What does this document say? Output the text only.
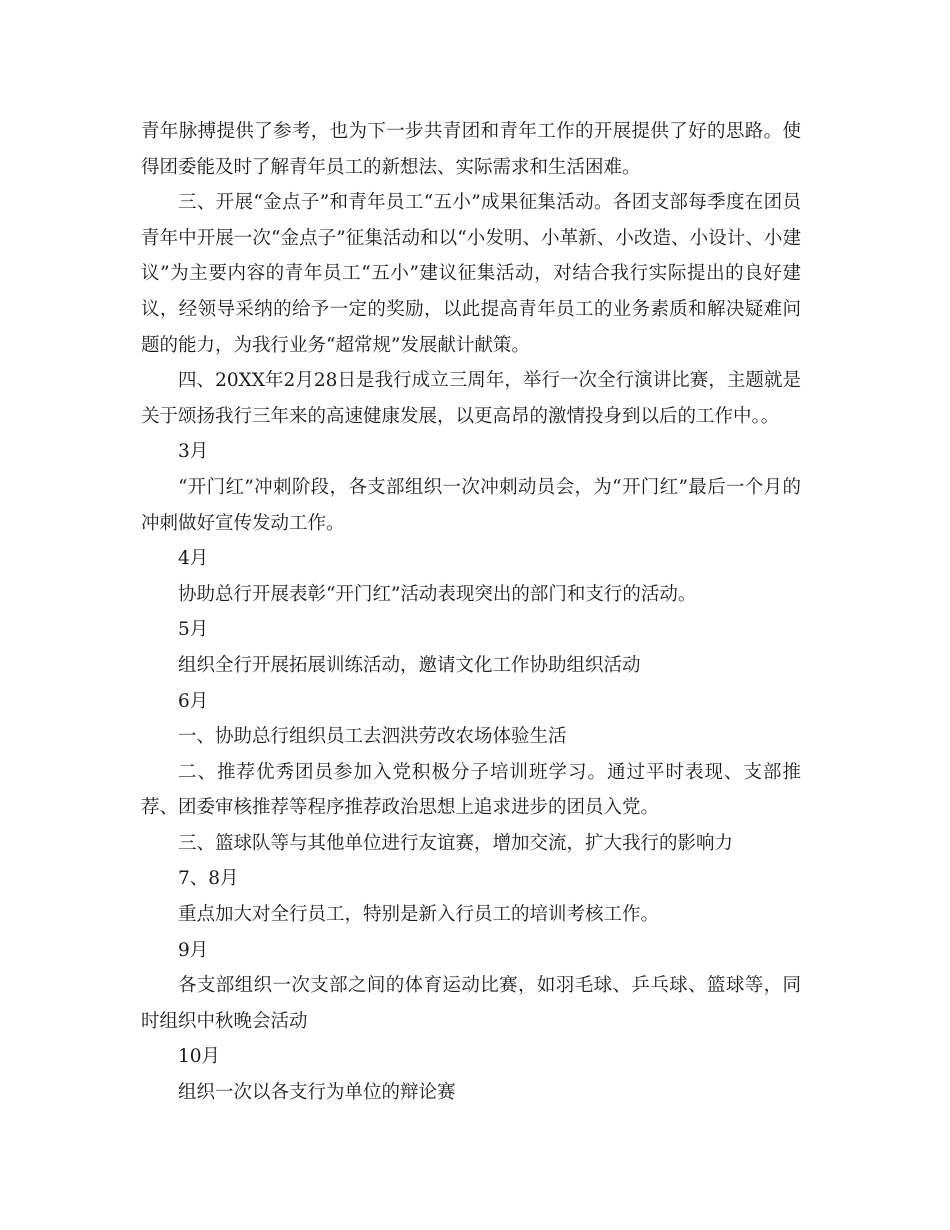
青年脉搏提供了参考，也为下一步共青团和青年工作的开展提供了好的思路。使得团委能及时了解青年员工的新想法、实际需求和生活困难。

三、开展“金点子”和青年员工“五小”成果征集活动。各团支部每季度在团员青年中开展一次“金点子”征集活动和以“小发明、小革新、小改造、小设计、小建议”为主要内容的青年员工“五小”建议征集活动，对结合我行实际提出的良好建议，经领导采纳的给予一定的奖励，以此提高青年员工的业务素质和解决疑难问题的能力，为我行业务“超常规”发展献计献策。

四、20XX年2月28日是我行成立三周年，举行一次全行演讲比赛，主题就是关于颂扬我行三年来的高速健康发展，以更高昂的激情投身到以后的工作中。。

3月

“开门红”冲刺阶段，各支部组织一次冲刺动员会，为“开门红”最后一个月的冲刺做好宣传发动工作。

4月

协助总行开展表彰“开门红”活动表现突出的部门和支行的活动。

5月

组织全行开展拓展训练活动，邀请文化工作协助组织活动

6月

一、协助总行组织员工去泗洪劳改农场体验生活

二、推荐优秀团员参加入党积极分子培训班学习。通过平时表现、支部推荐、团委审核推荐等程序推荐政治思想上追求进步的团员入党。

三、篮球队等与其他单位进行友谊赛，增加交流，扩大我行的影响力

7、8月

重点加大对全行员工，特别是新入行员工的培训考核工作。

9月

各支部组织一次支部之间的体育运动比赛，如羽毛球、乒乓球、篮球等，同时组织中秋晚会活动

10月

组织一次以各支行为单位的辩论赛
